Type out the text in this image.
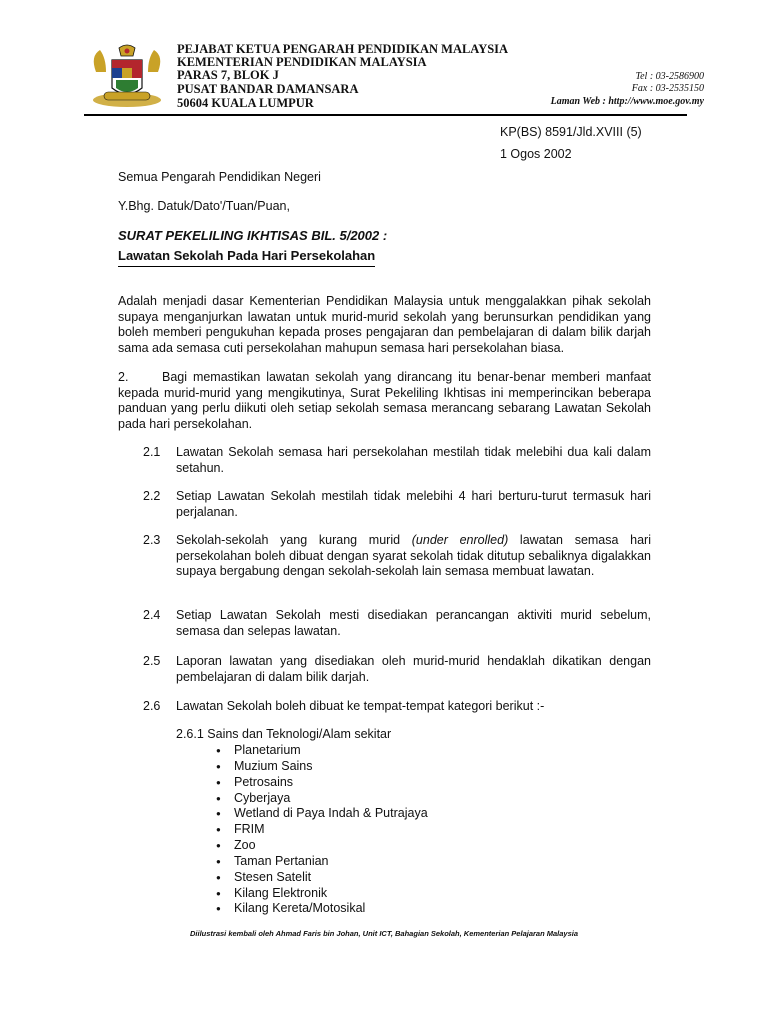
PEJABAT KETUA PENGARAH PENDIDIKAN MALAYSIA
KEMENTERIAN PENDIDIKAN MALAYSIA
PARAS 7, BLOK J
PUSAT BANDAR DAMANSARA
50604 KUALA LUMPUR
Tel : 03-2586900
Fax : 03-2535150
Laman Web : http://www.moe.gov.my
KP(BS) 8591/Jld.XVIII (5)
1 Ogos 2002
Semua Pengarah Pendidikan Negeri
Y.Bhg. Datuk/Dato'/Tuan/Puan,
SURAT PEKELILING IKHTISAS BIL. 5/2002 :
Lawatan Sekolah Pada Hari Persekolahan
Adalah menjadi dasar Kementerian Pendidikan Malaysia untuk menggalakkan pihak sekolah supaya menganjurkan lawatan untuk murid-murid sekolah yang berunsurkan pendidikan yang boleh memberi pengukuhan kepada proses pengajaran dan pembelajaran di dalam bilik darjah sama ada semasa cuti persekolahan mahupun semasa hari persekolahan biasa.
2.	Bagi memastikan lawatan sekolah yang dirancang itu benar-benar memberi manfaat kepada murid-murid yang mengikutinya, Surat Pekeliling Ikhtisas ini memperincikan beberapa panduan yang perlu diikuti oleh setiap sekolah semasa merancang sebarang Lawatan Sekolah pada hari persekolahan.
2.1 Lawatan Sekolah semasa hari persekolahan mestilah tidak melebihi dua kali dalam setahun.
2.2 Setiap Lawatan Sekolah mestilah tidak melebihi 4 hari berturu-turut termasuk hari perjalanan.
2.3 Sekolah-sekolah yang kurang murid (under enrolled) lawatan semasa hari persekolahan boleh dibuat dengan syarat sekolah tidak ditutup sebaliknya digalakkan supaya bergabung dengan sekolah-sekolah lain semasa membuat lawatan.
2.4 Setiap Lawatan Sekolah mesti disediakan perancangan aktiviti murid sebelum, semasa dan selepas lawatan.
2.5 Laporan lawatan yang disediakan oleh murid-murid hendaklah dikatikan dengan pembelajaran di dalam bilik darjah.
2.6 Lawatan Sekolah boleh dibuat ke tempat-tempat kategori berikut :-
2.6.1 Sains dan Teknologi/Alam sekitar
● Planetarium
● Muzium Sains
● Petrosains
● Cyberjaya
● Wetland di Paya Indah & Putrajaya
● FRIM
● Zoo
● Taman Pertanian
● Stesen Satelit
● Kilang Elektronik
● Kilang Kereta/Motosikal
Diilustrasi kembali oleh Ahmad Faris bin Johan, Unit ICT, Bahagian Sekolah, Kementerian Pelajaran Malaysia
